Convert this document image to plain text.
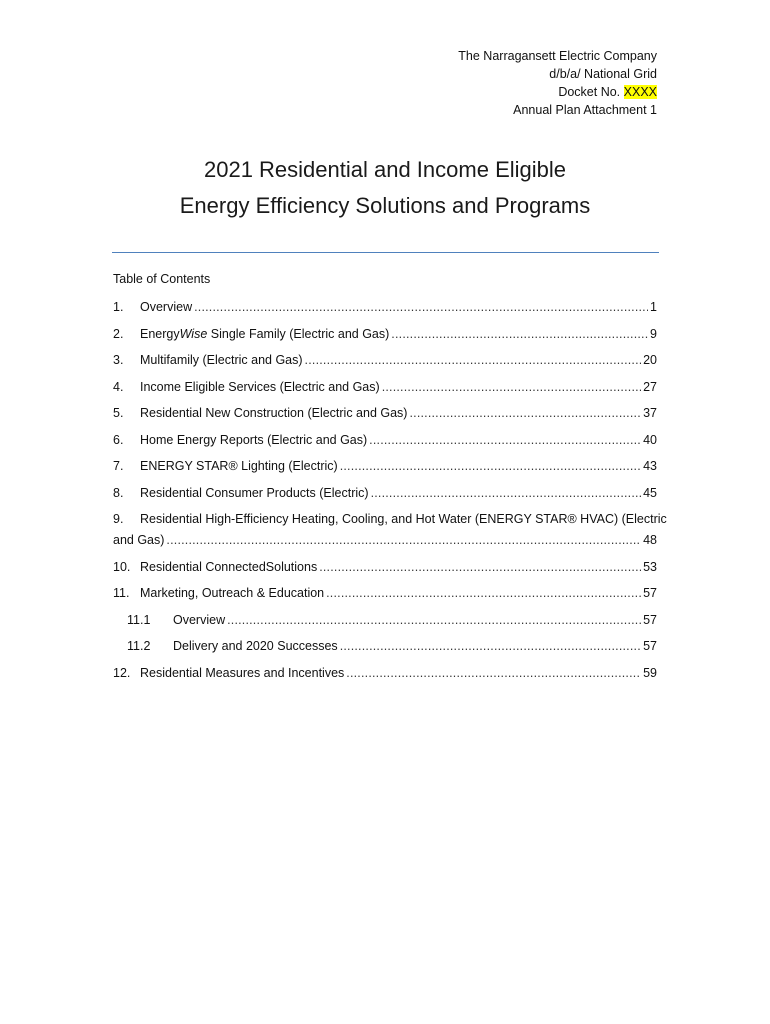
The Narragansett Electric Company
d/b/a/ National Grid
Docket No. XXXX
Annual Plan Attachment 1
2021 Residential and Income Eligible
Energy Efficiency Solutions and Programs
Table of Contents
1.	Overview .....	1
2.	EnergyWise Single Family (Electric and Gas) .....	9
3.	Multifamily (Electric and Gas) .....	20
4.	Income Eligible Services (Electric and Gas) .....	27
5.	Residential New Construction (Electric and Gas) .....	37
6.	Home Energy Reports (Electric and Gas) .....	40
7.	ENERGY STAR® Lighting (Electric) .....	43
8.	Residential Consumer Products (Electric) .....	45
9.	Residential High-Efficiency Heating, Cooling, and Hot Water (ENERGY STAR® HVAC) (Electric
and Gas) .....	48
10. Residential ConnectedSolutions .....	53
11. Marketing, Outreach & Education .....	57
11.1	Overview .....	57
11.2	Delivery and 2020 Successes .....	57
12. Residential Measures and Incentives .....	59
